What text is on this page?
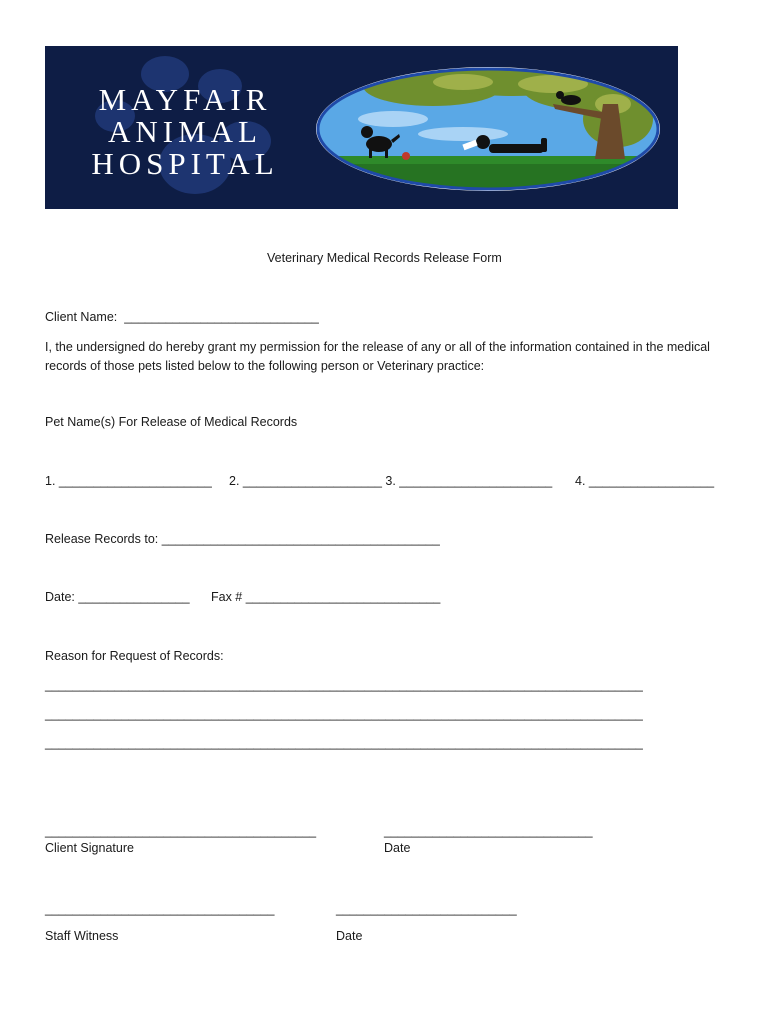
MAYFAIR
ANIMAL
HOSPITAL
Veterinary Medical Records Release Form
Client Name:  ____________________________
I, the undersigned do hereby grant my permission for the release of any or all of the information contained in the medical records of those pets listed below to the following person or Veterinary practice:
Pet Name(s) For Release of Medical Records
1. ______________________ 2. ____________________ 3. ______________________ 4. __________________
Release Records to: ________________________________________
Date: ________________ Fax # ____________________________
Reason for Request of Records:
______________________________________________________________________________________
______________________________________________________________________________________
______________________________________________________________________________________
_______________________________________
Client Signature
______________________________
Date
_________________________________
Staff Witness
__________________________
Date
